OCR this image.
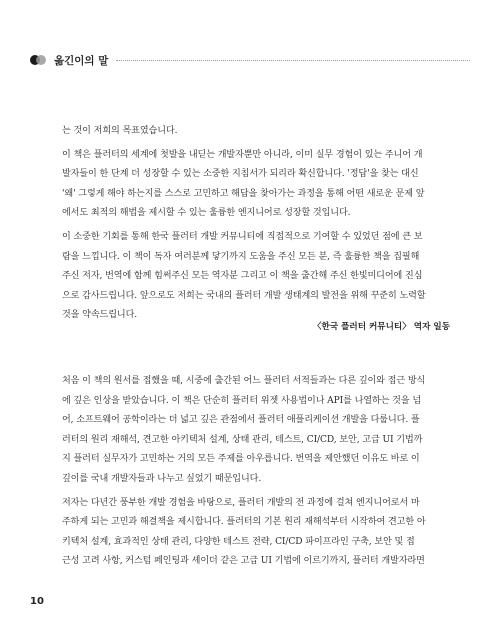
옮긴이의 말

는 것이 저희의 목표였습니다.

이 책은 플러터의 세계에 첫발을 내딛는 개발자뿐만 아니라, 이미 실무 경험이 있는 주니어 개

발자들이 한 단계 더 성장할 수 있는 소중한 지침서가 되리라 확신합니다. '정답'을 찾는 대신

'왜' 그렇게 해야 하는지를 스스로 고민하고 해답을 찾아가는 과정을 통해 어떤 새로운 문제 앞

에서도 최적의 해법을 제시할 수 있는 훌륭한 엔지니어로 성장할 것입니다.

이 소중한 기회를 통해 한국 플러터 개발 커뮤니티에 직접적으로 기여할 수 있었던 점에 큰 보

람을 느낍니다. 이 책이 독자 여러분께 닿기까지 도움을 주신 모든 분, 즉 훌륭한 책을 집필해

주신 저자, 번역에 함께 힘써주신 모든 역자분 그리고 이 책을 출간해 주신 한빛미디어에 진심

으로 감사드립니다. 앞으로도 저희는 국내의 플러터 개발 생태계의 발전을 위해 꾸준히 노력할

것을 약속드립니다.

〈한국 플러터 커뮤니티〉 역자 일동

처음 이 책의 원서를 접했을 때, 시중에 출간된 어느 플러터 서적들과는 다른 깊이와 접근 방식

에 깊은 인상을 받았습니다. 이 책은 단순히 플러터 위젯 사용법이나 API를 나열하는 것을 넘

어, 소프트웨어 공학이라는 더 넓고 깊은 관점에서 플러터 애플리케이션 개발을 다룹니다. 플

러터의 원리 재해석, 견고한 아키텍처 설계, 상태 관리, 테스트, CI/CD, 보안, 고급 UI 기법까

지 플러터 실무자가 고민하는 거의 모든 주제를 아우릅니다. 번역을 제안했던 이유도 바로 이

깊이를 국내 개발자들과 나누고 싶었기 때문입니다.

저자는 다년간 풍부한 개발 경험을 바탕으로, 플러터 개발의 전 과정에 걸쳐 엔지니어로서 마

주하게 되는 고민과 해결책을 제시합니다. 플러터의 기본 원리 재해석부터 시작하여 견고한 아

키텍처 설계, 효과적인 상태 관리, 다양한 테스트 전략, CI/CD 파이프라인 구축, 보안 및 접

근성 고려 사항, 커스텀 페인팅과 셰이더 같은 고급 UI 기법에 이르기까지, 플러터 개발자라면

10
